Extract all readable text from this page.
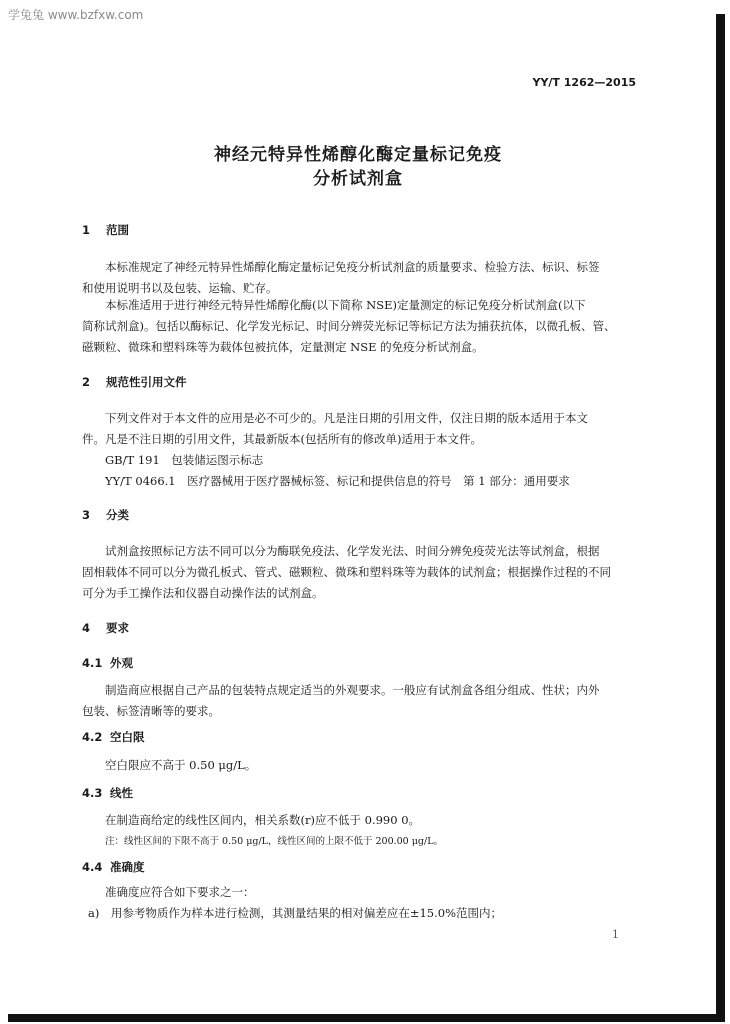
学兔兔 www.bzfxw.com
YY/T 1262—2015
神经元特异性烯醇化酶定量标记免疫
分析试剂盒
1 范围
本标准规定了神经元特异性烯醇化酶定量标记免疫分析试剂盒的质量要求、检验方法、标识、标签
和使用说明书以及包装、运输、贮存。
本标准适用于进行神经元特异性烯醇化酶(以下简称 NSE)定量测定的标记免疫分析试剂盒(以下
简称试剂盒)。包括以酶标记、化学发光标记、时间分辨荧光标记等标记方法为捕获抗体，以微孔板、管、
磁颗粒、微珠和塑料珠等为载体包被抗体，定量测定 NSE 的免疫分析试剂盒。
2 规范性引用文件
下列文件对于本文件的应用是必不可少的。凡是注日期的引用文件，仅注日期的版本适用于本文
件。凡是不注日期的引用文件，其最新版本(包括所有的修改单)适用于本文件。
GB/T 191　包装储运图示标志
YY/T 0466.1　医疗器械用于医疗器械标签、标记和提供信息的符号　第 1 部分：通用要求
3 分类
试剂盒按照标记方法不同可以分为酶联免疫法、化学发光法、时间分辨免疫荧光法等试剂盒，根据
固相载体不同可以分为微孔板式、管式、磁颗粒、微珠和塑料珠等为载体的试剂盒；根据操作过程的不同
可分为手工操作法和仪器自动操作法的试剂盒。
4 要求
4.1 外观
制造商应根据自己产品的包装特点规定适当的外观要求。一般应有试剂盒各组分组成、性状；内外
包装、标签清晰等的要求。
4.2 空白限
空白限应不高于 0.50 μg/L。
4.3 线性
在制造商给定的线性区间内，相关系数(r)应不低于 0.990 0。
注：线性区间的下限不高于 0.50 μg/L，线性区间的上限不低于 200.00 μg/L。
4.4 准确度
准确度应符合如下要求之一：
a)　用参考物质作为样本进行检测，其测量结果的相对偏差应在±15.0%范围内；
1
